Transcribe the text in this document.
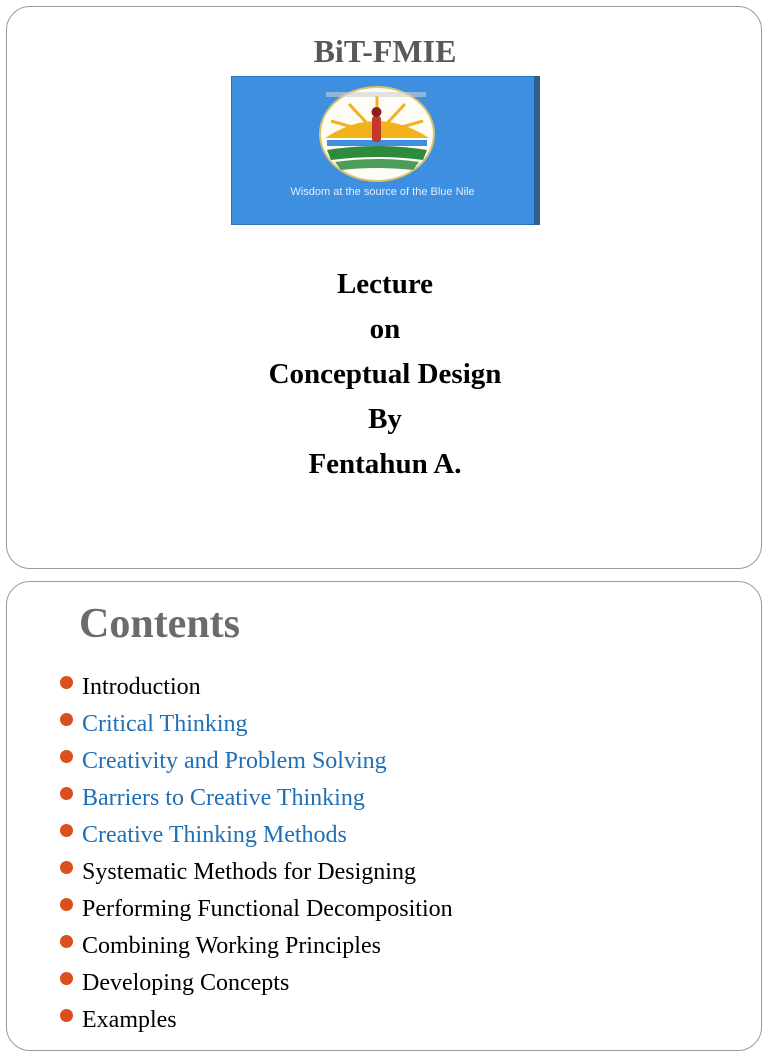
BiT-FMIE
Wisdom at the source of the Blue Nile
Lecture
on
Conceptual Design
By
Fentahun A.
Contents
Introduction
Critical Thinking
Creativity and Problem Solving
Barriers to Creative Thinking
Creative Thinking Methods
Systematic Methods for Designing
Performing Functional Decomposition
Combining Working Principles
Developing Concepts
Examples
